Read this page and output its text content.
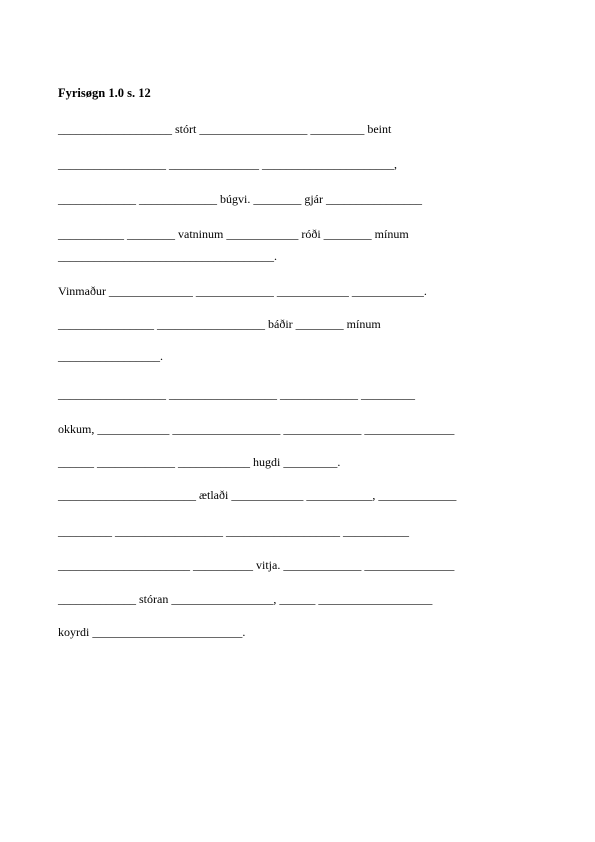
Fyrisøgn 1.0 s. 12
___________________ stórt __________________ _________ beint
__________________ _______________ ______________________,
_____________ _____________ búgvi. ________ gjár ________________
___________ ________ vatninum ____________ róði ________ mínum
____________________________________.
Vinmaður ______________ _____________ ____________ ____________.
________________ __________________ báðir ________ mínum
_________________.
__________________ __________________ _____________ _________
okkum, ____________ __________________ _____________ _______________
______ _____________ ____________ hugdi _________.
_______________________ ætlaði ____________ ___________, _____________
_________ __________________ ___________________ ___________
______________________ __________ vitja. _____________ _______________
_____________ stóran _________________, ______ ___________________
koyrdi _________________________.
